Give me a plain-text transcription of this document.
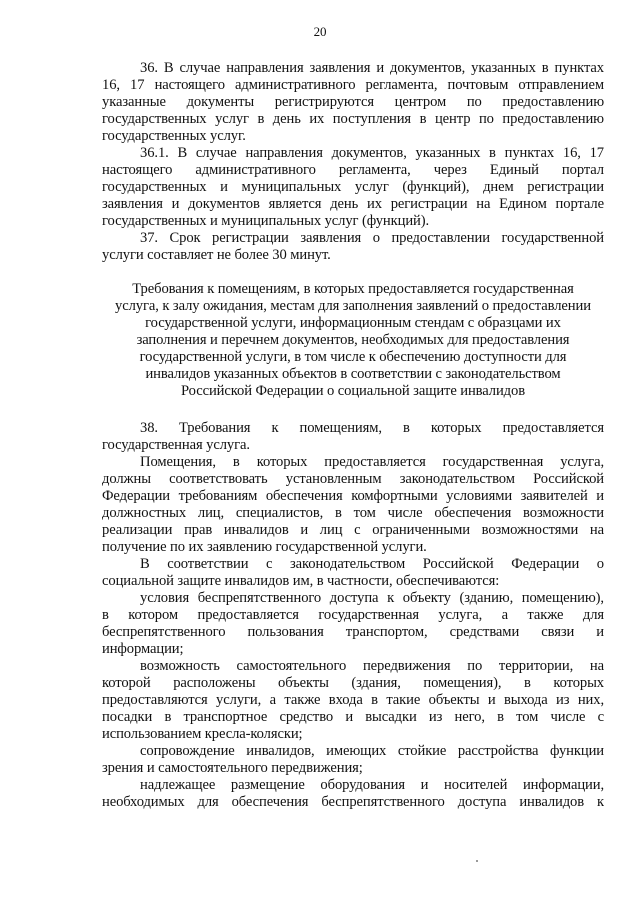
20
36. В случае направления заявления и документов, указанных в пунктах
16, 17 настоящего административного регламента, почтовым отправлением
указанные документы регистрируются центром по предоставлению
государственных услуг в день их поступления в центр по предоставлению
государственных услуг.
36.1. В случае направления документов, указанных в пунктах 16, 17
настоящего административного регламента, через Единый портал
государственных и муниципальных услуг (функций), днем регистрации
заявления и документов является день их регистрации на Едином портале
государственных и муниципальных услуг (функций).
37. Срок регистрации заявления о предоставлении государственной
услуги составляет не более 30 минут.
Требования к помещениям, в которых предоставляется государственная
услуга, к залу ожидания, местам для заполнения заявлений о предоставлении
государственной услуги, информационным стендам с образцами их
заполнения и перечнем документов, необходимых для предоставления
государственной услуги, в том числе к обеспечению доступности для
инвалидов указанных объектов в соответствии с законодательством
Российской Федерации о социальной защите инвалидов
38. Требования к помещениям, в которых предоставляется
государственная услуга.
Помещения, в которых предоставляется государственная услуга,
должны соответствовать установленным законодательством Российской
Федерации требованиям обеспечения комфортными условиями заявителей и
должностных лиц, специалистов, в том числе обеспечения возможности
реализации прав инвалидов и лиц с ограниченными возможностями на
получение по их заявлению государственной услуги.
В соответствии с законодательством Российской Федерации о
социальной защите инвалидов им, в частности, обеспечиваются:
условия беспрепятственного доступа к объекту (зданию, помещению),
в котором предоставляется государственная услуга, а также для
беспрепятственного пользования транспортом, средствами связи и
информации;
возможность самостоятельного передвижения по территории, на
которой расположены объекты (здания, помещения), в которых
предоставляются услуги, а также входа в такие объекты и выхода из них,
посадки в транспортное средство и высадки из него, в том числе с
использованием кресла-коляски;
сопровождение инвалидов, имеющих стойкие расстройства функции
зрения и самостоятельного передвижения;
надлежащее размещение оборудования и носителей информации,
необходимых для обеспечения беспрепятственного доступа инвалидов к
